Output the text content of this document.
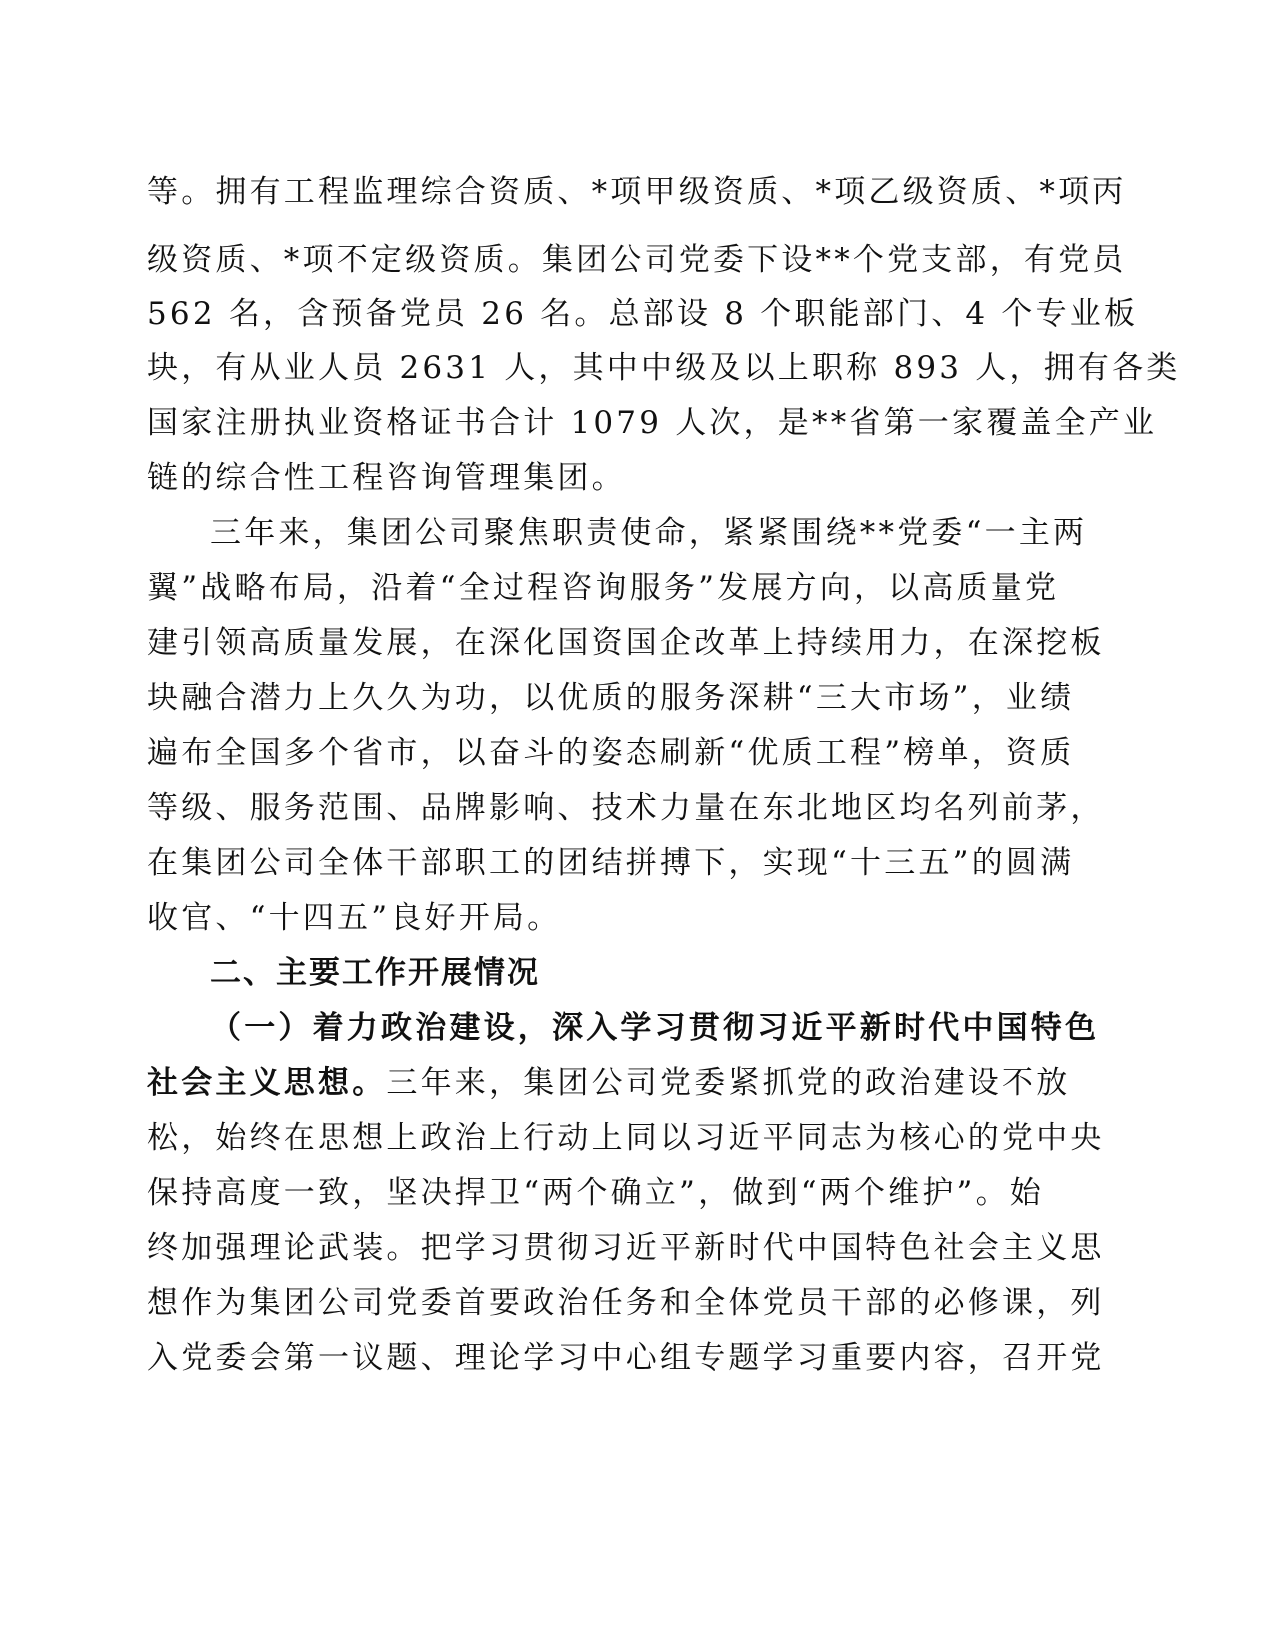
等。拥有工程监理综合资质、*项甲级资质、*项乙级资质、*项丙
级资质、*项不定级资质。集团公司党委下设**个党支部，有党员
562 名，含预备党员 26 名。总部设 8 个职能部门、4 个专业板
块，有从业人员 2631 人，其中中级及以上职称 893 人，拥有各类
国家注册执业资格证书合计 1079 人次，是**省第一家覆盖全产业
链的综合性工程咨询管理集团。
三年来，集团公司聚焦职责使命，紧紧围绕**党委“一主两
翼”战略布局，沿着“全过程咨询服务”发展方向，以高质量党
建引领高质量发展，在深化国资国企改革上持续用力，在深挖板
块融合潜力上久久为功，以优质的服务深耕“三大市场”，业绩
遍布全国多个省市，以奋斗的姿态刷新“优质工程”榜单，资质
等级、服务范围、品牌影响、技术力量在东北地区均名列前茅，
在集团公司全体干部职工的团结拼搏下，实现“十三五”的圆满
收官、“十四五”良好开局。
二、主要工作开展情况
（一）着力政治建设，深入学习贯彻习近平新时代中国特色
社会主义思想。三年来，集团公司党委紧抓党的政治建设不放
松，始终在思想上政治上行动上同以习近平同志为核心的党中央
保持高度一致，坚决捍卫“两个确立”，做到“两个维护”。始
终加强理论武装。把学习贯彻习近平新时代中国特色社会主义思
想作为集团公司党委首要政治任务和全体党员干部的必修课，列
入党委会第一议题、理论学习中心组专题学习重要内容，召开党
